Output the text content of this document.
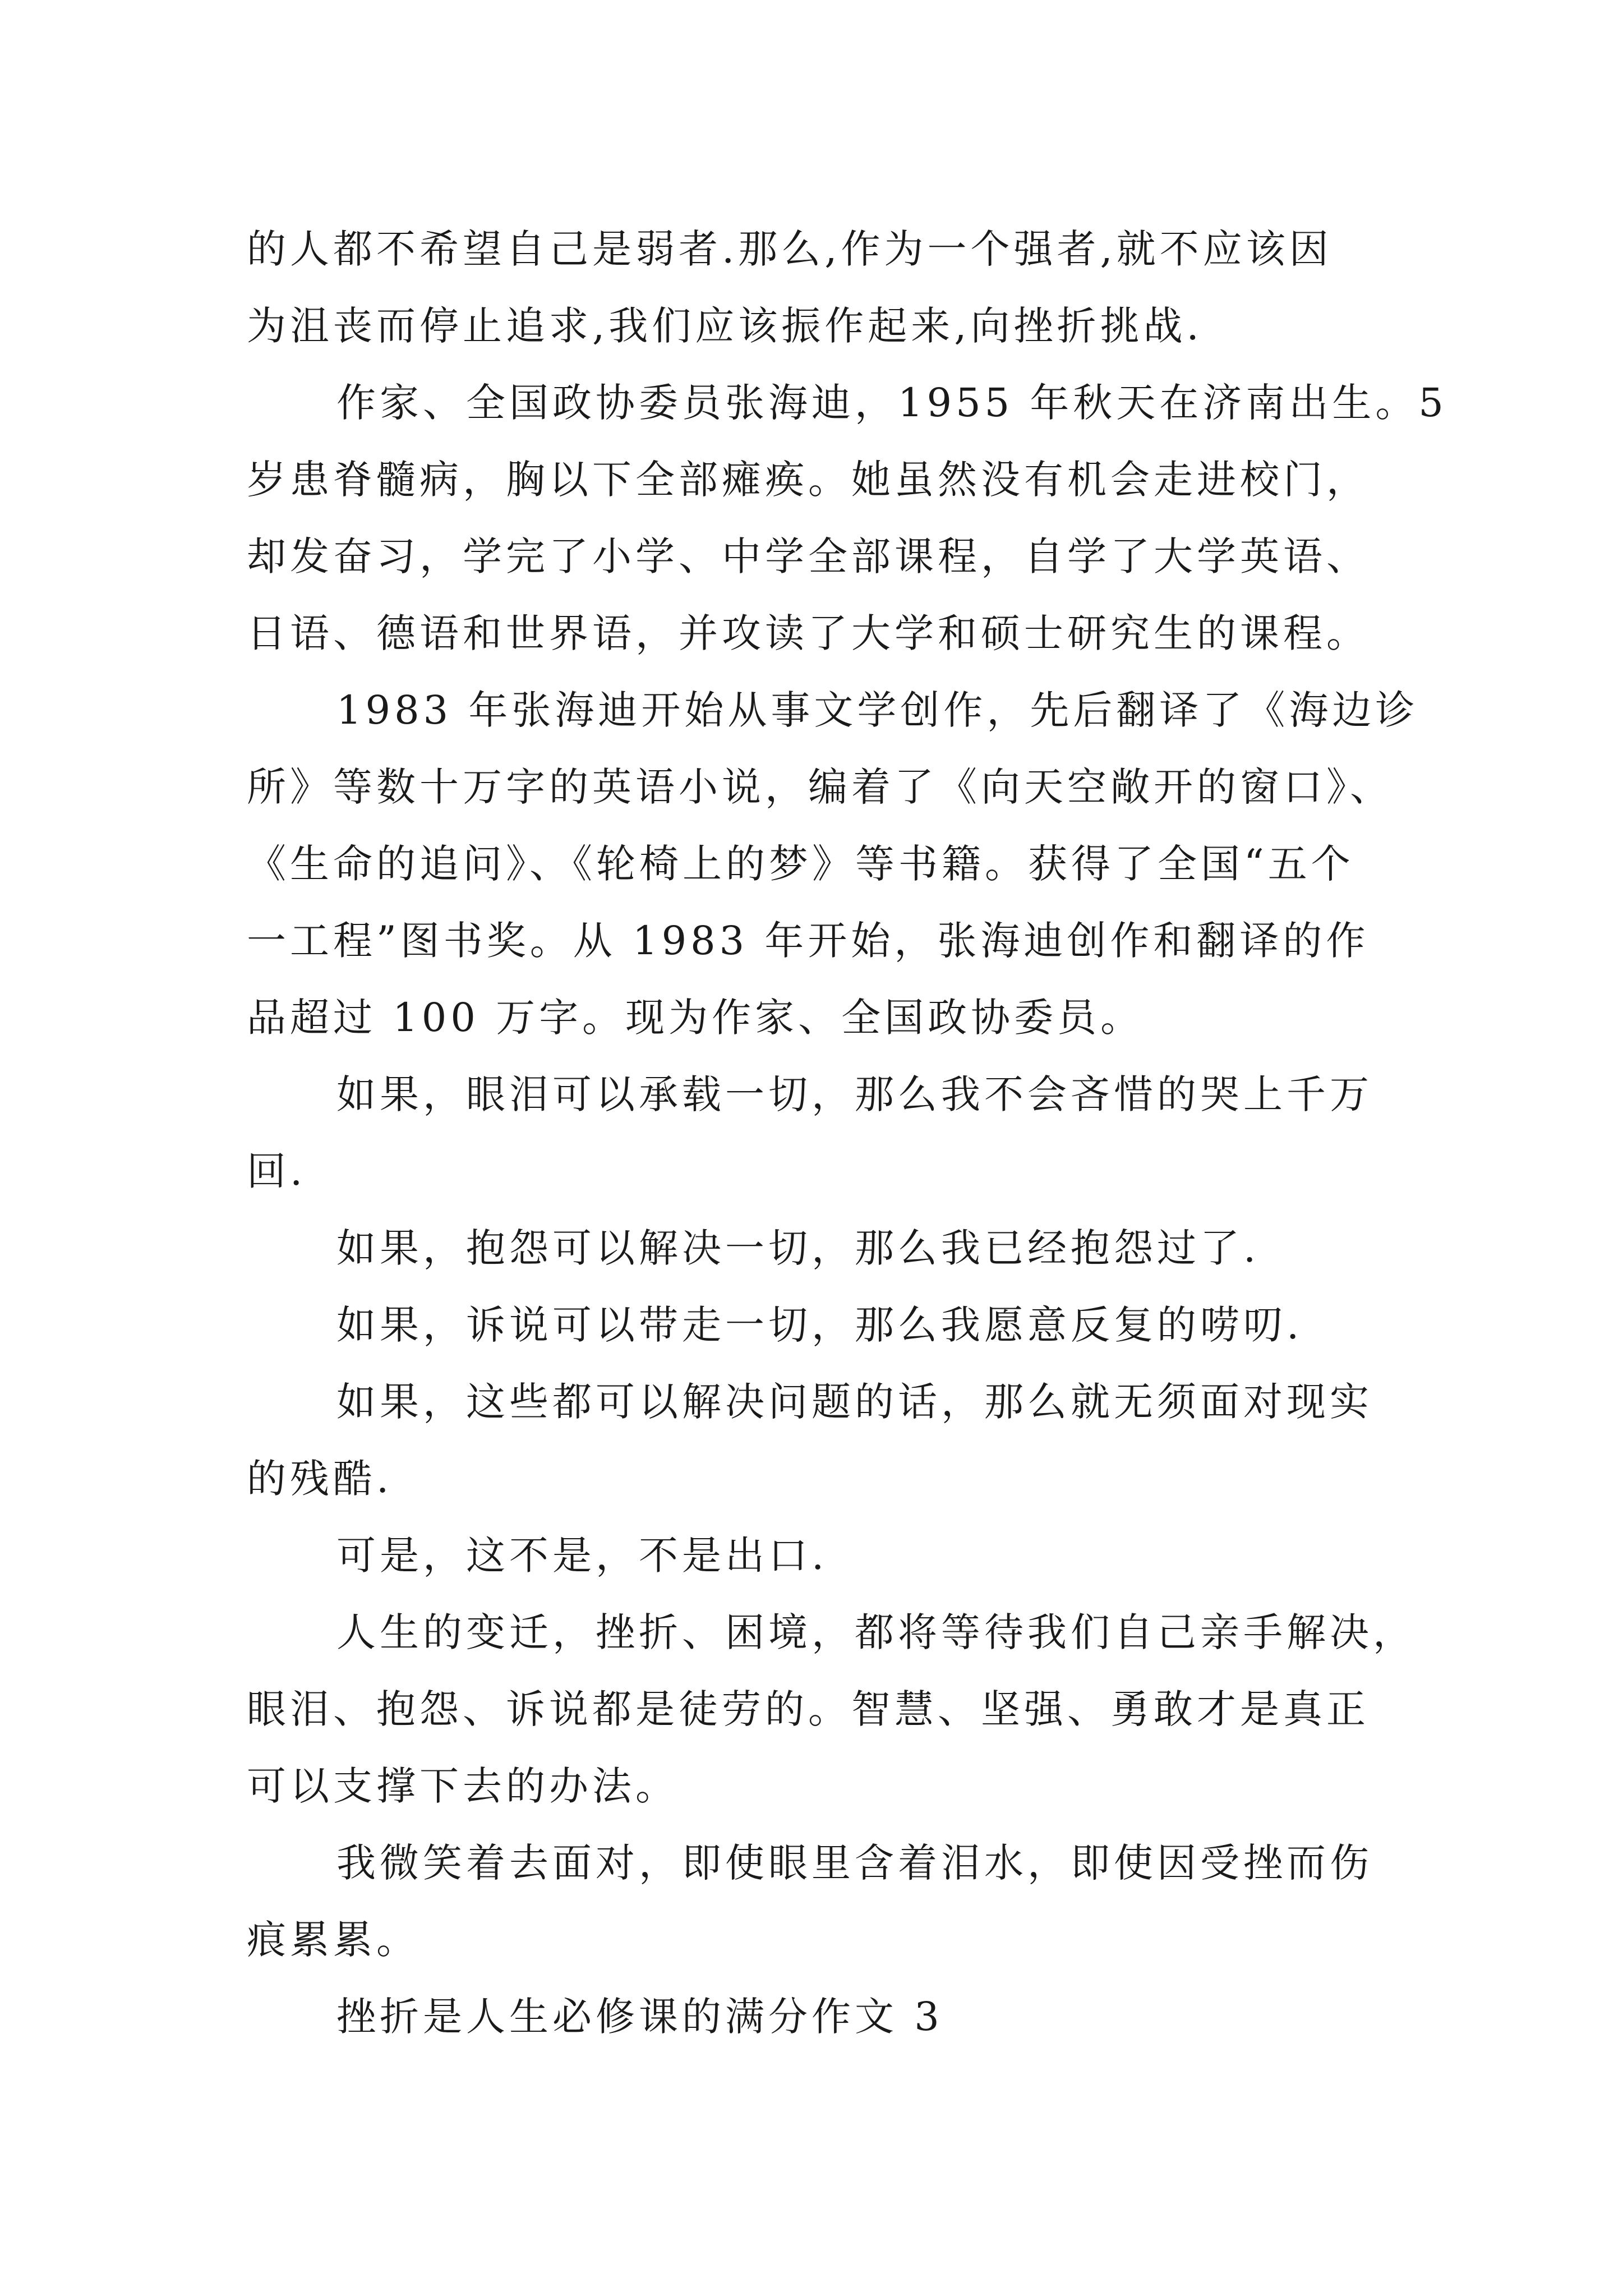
的人都不希望自己是弱者.那么,作为一个强者,就不应该因
为沮丧而停止追求,我们应该振作起来,向挫折挑战.
作家、全国政协委员张海迪，1955 年秋天在济南出生。5
岁患脊髓病，胸以下全部瘫痪。她虽然没有机会走进校门，
却发奋习，学完了小学、中学全部课程，自学了大学英语、
日语、德语和世界语，并攻读了大学和硕士研究生的课程。
1983 年张海迪开始从事文学创作，先后翻译了《海边诊
所》等数十万字的英语小说，编着了《向天空敞开的窗口》、
《生命的追问》、《轮椅上的梦》等书籍。获得了全国“五个
一工程”图书奖。从 1983 年开始，张海迪创作和翻译的作
品超过 100 万字。现为作家、全国政协委员。
如果，眼泪可以承载一切，那么我不会吝惜的哭上千万
回.
如果，抱怨可以解决一切，那么我已经抱怨过了.
如果，诉说可以带走一切，那么我愿意反复的唠叨.
如果，这些都可以解决问题的话，那么就无须面对现实
的残酷.
可是，这不是，不是出口.
人生的变迁，挫折、困境，都将等待我们自己亲手解决，
眼泪、抱怨、诉说都是徒劳的。智慧、坚强、勇敢才是真正
可以支撑下去的办法。
我微笑着去面对，即使眼里含着泪水，即使因受挫而伤
痕累累。
挫折是人生必修课的满分作文 3
